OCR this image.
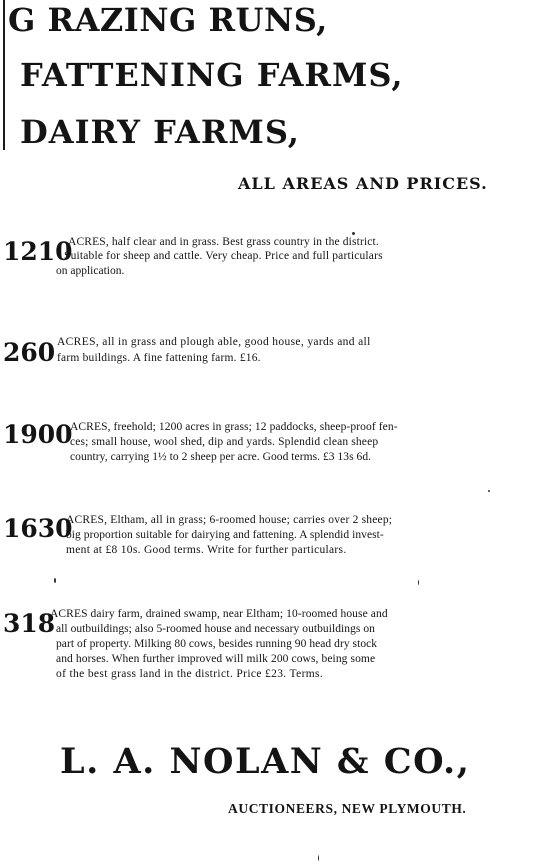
G RAZING RUNS,
FATTENING FARMS,
DAIRY FARMS,
ALL AREAS AND PRICES.
1210
ACRES, half clear and in grass. Best grass country in the district.
Suitable for sheep and cattle. Very cheap. Price and full particulars
on application.
260 ACRES, all in grass and plough able, good house, yards and all
farm buildings. A fine fattening farm. £16.
1900
ACRES, freehold; 1200 acres in grass; 12 paddocks, sheep-proof fen-
ces; small house, wool shed, dip and yards. Splendid clean sheep
country, carrying 1½ to 2 sheep per acre. Good terms. £3 13s 6d.
1630
ACRES, Eltham, all in grass; 6-roomed house; carries over 2 sheep;
big proportion suitable for dairying and fattening. A splendid invest-
ment at £8 10s. Good terms. Write for further particulars.
318
ACRES dairy farm, drained swamp, near Eltham; 10-roomed house and
all outbuildings; also 5-roomed house and necessary outbuildings on
part of property. Milking 80 cows, besides running 90 head dry stock
and horses. When further improved will milk 200 cows, being some
of the best grass land in the district. Price £23. Terms.
L. A. NOLAN & CO.,
AUCTIONEERS, NEW PLYMOUTH.
